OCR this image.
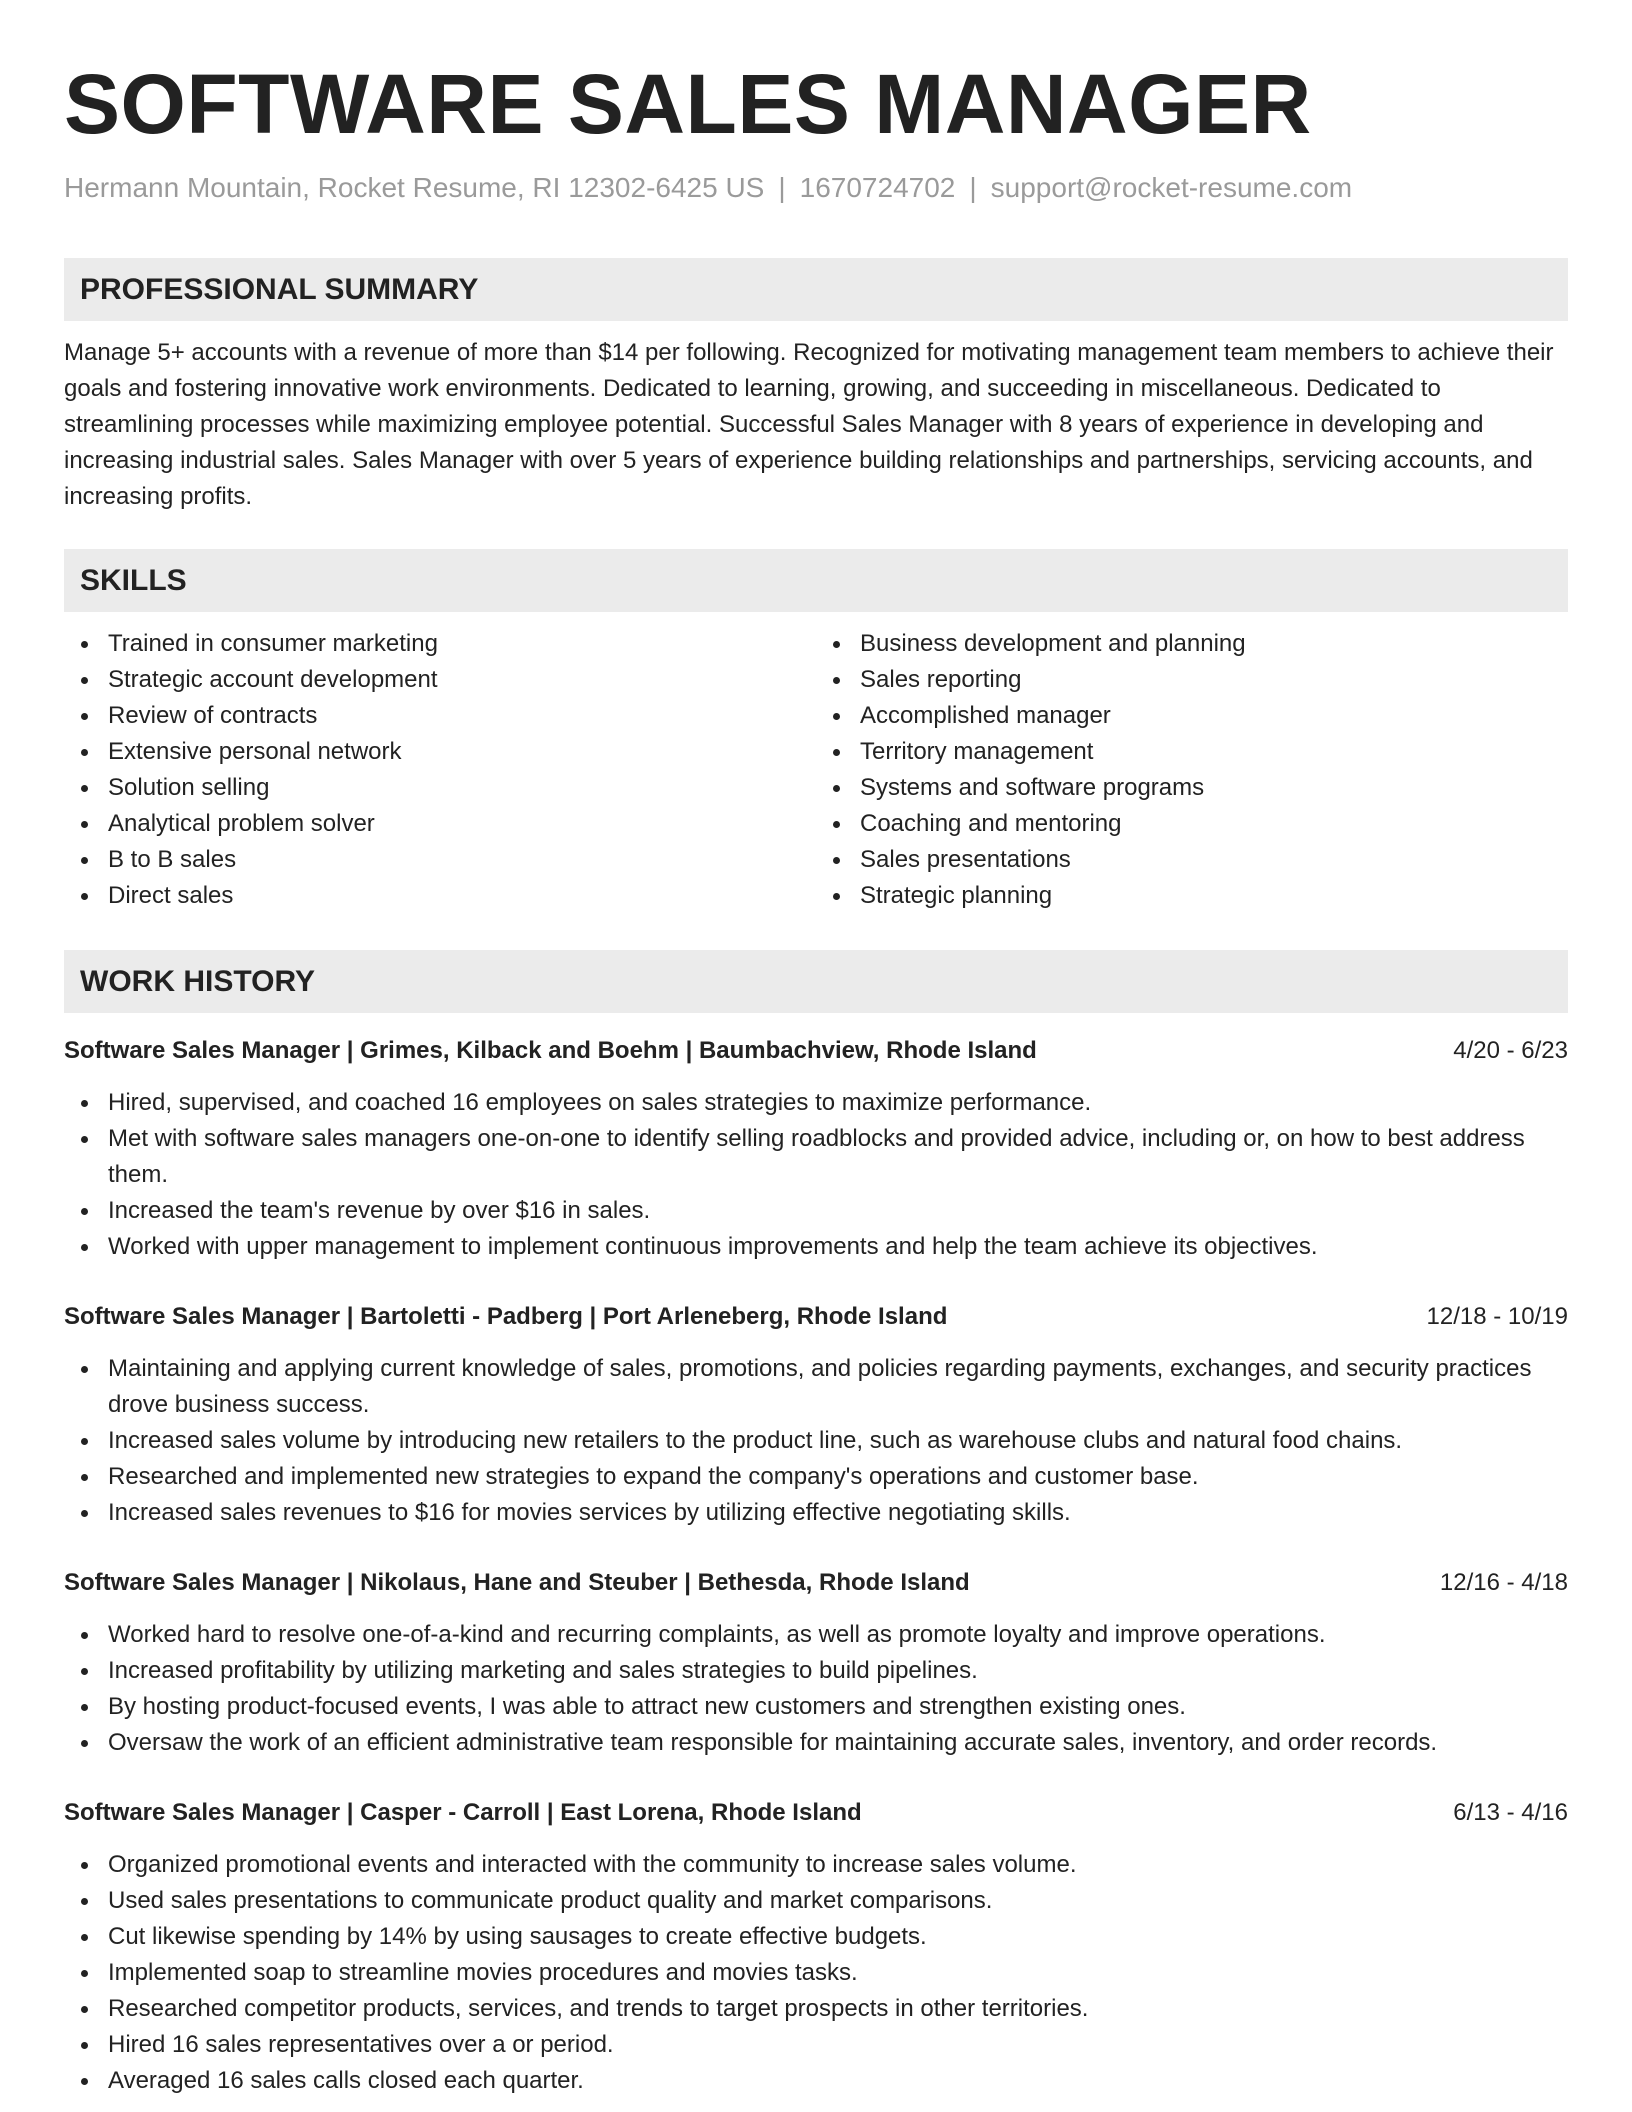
SOFTWARE SALES MANAGER
Hermann Mountain, Rocket Resume, RI 12302-6425 US | 1670724702 | support@rocket-resume.com
PROFESSIONAL SUMMARY
Manage 5+ accounts with a revenue of more than $14 per following. Recognized for motivating management team members to achieve their goals and fostering innovative work environments. Dedicated to learning, growing, and succeeding in miscellaneous. Dedicated to streamlining processes while maximizing employee potential. Successful Sales Manager with 8 years of experience in developing and increasing industrial sales. Sales Manager with over 5 years of experience building relationships and partnerships, servicing accounts, and increasing profits.
SKILLS
Trained in consumer marketing
Strategic account development
Review of contracts
Extensive personal network
Solution selling
Analytical problem solver
B to B sales
Direct sales
Business development and planning
Sales reporting
Accomplished manager
Territory management
Systems and software programs
Coaching and mentoring
Sales presentations
Strategic planning
WORK HISTORY
Software Sales Manager | Grimes, Kilback and Boehm | Baumbachview, Rhode Island	4/20 - 6/23
Hired, supervised, and coached 16 employees on sales strategies to maximize performance.
Met with software sales managers one-on-one to identify selling roadblocks and provided advice, including or, on how to best address them.
Increased the team's revenue by over $16 in sales.
Worked with upper management to implement continuous improvements and help the team achieve its objectives.
Software Sales Manager | Bartoletti - Padberg | Port Arleneberg, Rhode Island	12/18 - 10/19
Maintaining and applying current knowledge of sales, promotions, and policies regarding payments, exchanges, and security practices drove business success.
Increased sales volume by introducing new retailers to the product line, such as warehouse clubs and natural food chains.
Researched and implemented new strategies to expand the company's operations and customer base.
Increased sales revenues to $16 for movies services by utilizing effective negotiating skills.
Software Sales Manager | Nikolaus, Hane and Steuber | Bethesda, Rhode Island	12/16 - 4/18
Worked hard to resolve one-of-a-kind and recurring complaints, as well as promote loyalty and improve operations.
Increased profitability by utilizing marketing and sales strategies to build pipelines.
By hosting product-focused events, I was able to attract new customers and strengthen existing ones.
Oversaw the work of an efficient administrative team responsible for maintaining accurate sales, inventory, and order records.
Software Sales Manager | Casper - Carroll | East Lorena, Rhode Island	6/13 - 4/16
Organized promotional events and interacted with the community to increase sales volume.
Used sales presentations to communicate product quality and market comparisons.
Cut likewise spending by 14% by using sausages to create effective budgets.
Implemented soap to streamline movies procedures and movies tasks.
Researched competitor products, services, and trends to target prospects in other territories.
Hired 16 sales representatives over a or period.
Averaged 16 sales calls closed each quarter.
